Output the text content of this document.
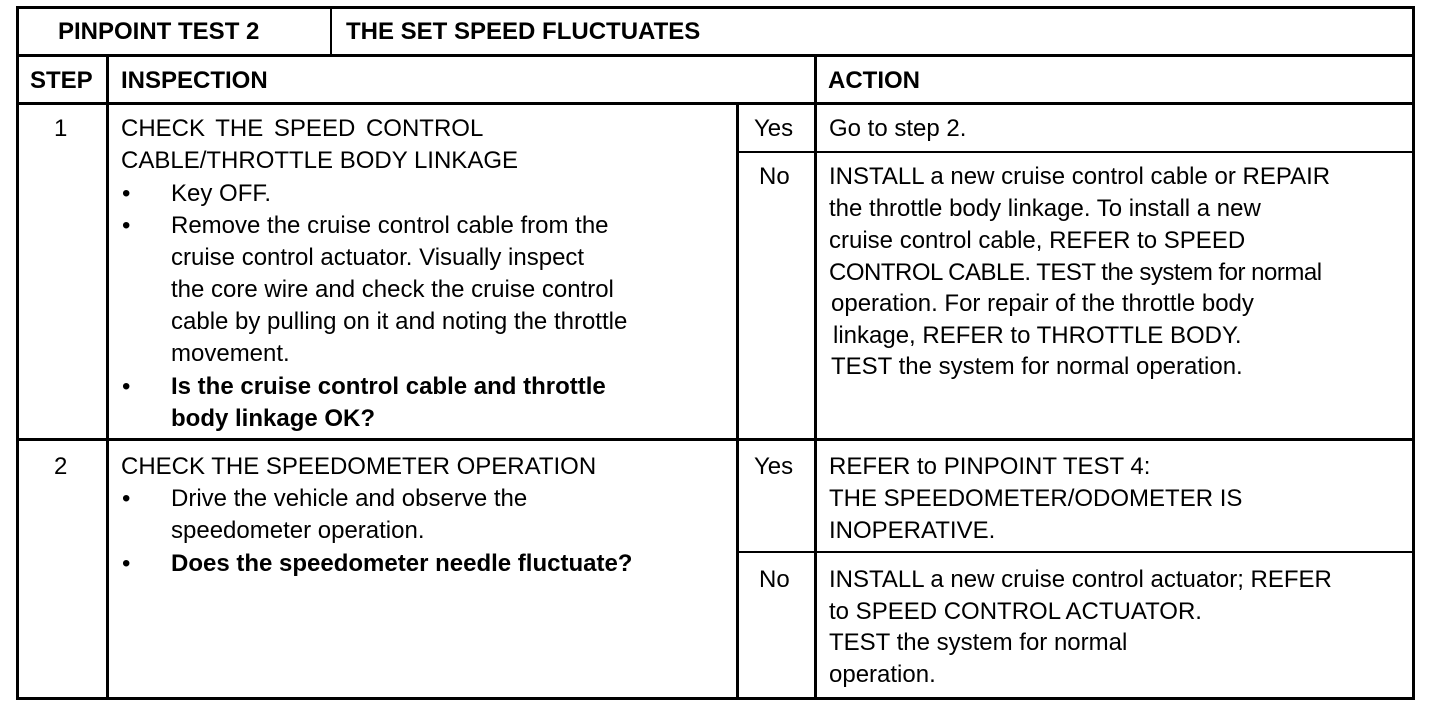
PINPOINT TEST 2	THE SET SPEED FLUCTUATES
STEP INSPECTION	ACTION
1 CHECK THE SPEED CONTROL
CABLE/THROTTLE BODY LINKAGE
• Key OFF.
• Remove the cruise control cable from the
cruise control actuator. Visually inspect
the core wire and check the cruise control
cable by pulling on it and noting the throttle
movement.
• Is the cruise control cable and throttle
body linkage OK?
Yes Go to step 2.
No INSTALL a new cruise control cable or REPAIR
the throttle body linkage. To install a new
cruise control cable, REFER to SPEED
CONTROL CABLE. TEST the system for normal
operation. For repair of the throttle body
linkage, REFER to THROTTLE BODY.
TEST the system for normal operation.
2 CHECK THE SPEEDOMETER OPERATION
• Drive the vehicle and observe the
speedometer operation.
• Does the speedometer needle fluctuate?
Yes REFER to PINPOINT TEST 4:
THE SPEEDOMETER/ODOMETER IS
INOPERATIVE.
No INSTALL a new cruise control actuator; REFER
to SPEED CONTROL ACTUATOR.
TEST the system for normal
operation.
